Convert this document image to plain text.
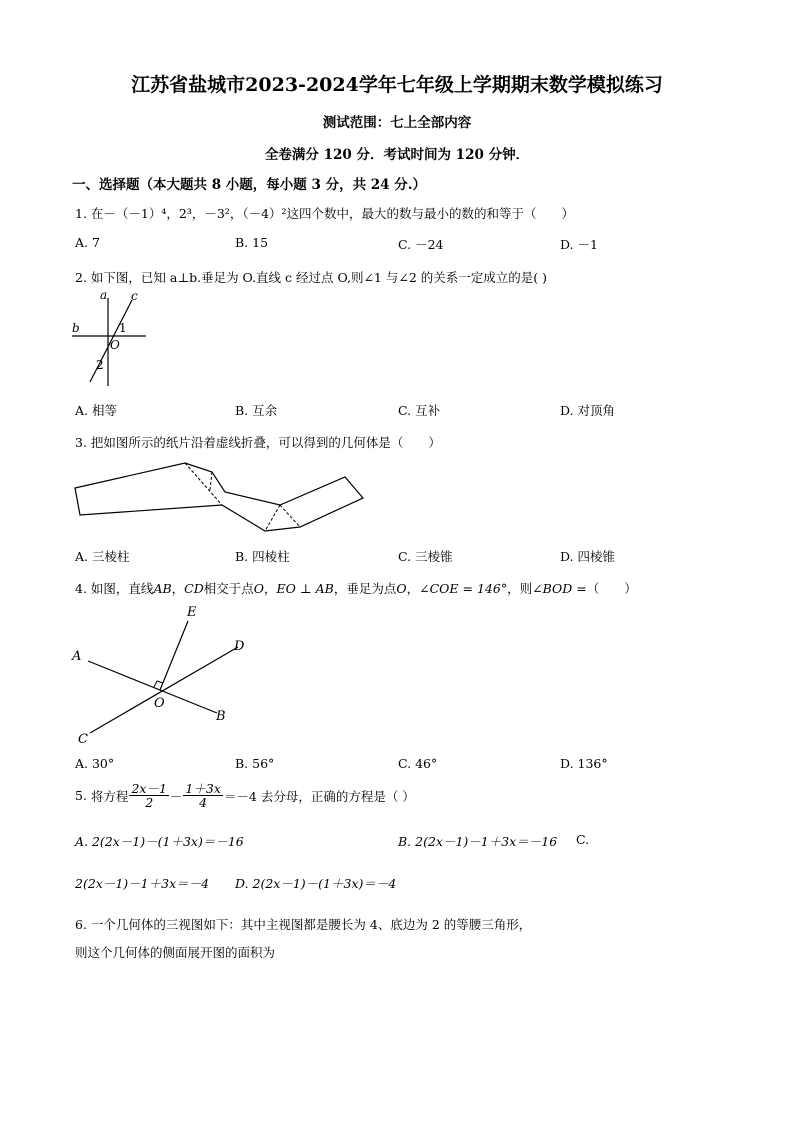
江苏省盐城市2023-2024学年七年级上学期期末数学模拟练习
测试范围：七上全部内容
全卷满分 120 分．考试时间为 120 分钟．
一、选择题（本大题共 8 小题，每小题 3 分，共 24 分.）
1. 在－（－1）⁴，2³，－3²，（－4）²这四个数中，最大的数与最小的数的和等于（　　）
A. 7	B. 15	C. －24	D. －1
2. 如下图，已知 a⊥b.垂足为 O.直线 c 经过点 O,则∠1 与∠2 的关系一定成立的是( )
a c
b	1
O
2
A. 相等	B. 互余	C. 互补	D. 对顶角
3. 把如图所示的纸片沿着虚线折叠，可以得到的几何体是（　　）
A. 三棱柱	B. 四棱柱	C. 三棱锥	D. 四棱锥
4. 如图，直线AB，CD相交于点O，EO ⊥ AB，垂足为点O，∠COE = 146°，则∠BOD =（　　）
E
D
A
O
B
C
A. 30°	B. 56°	C. 46°	D. 136°
5.
将方程 $\frac{2x-1}{2} - \frac{1+3x}{4} =-4$ 去分母，正确的方程是（ ）
A. 2(2x－1)－(1＋3x)＝－16	B. 2(2x－1)－1＋3x＝－16 C.
2(2x－1)－1＋3x＝－4 D. 2(2x－1)－(1＋3x)＝－4
6. 一个几何体的三视图如下：其中主视图都是腰长为 4、底边为 2 的等腰三角形，
则这个几何体的侧面展开图的面积为
